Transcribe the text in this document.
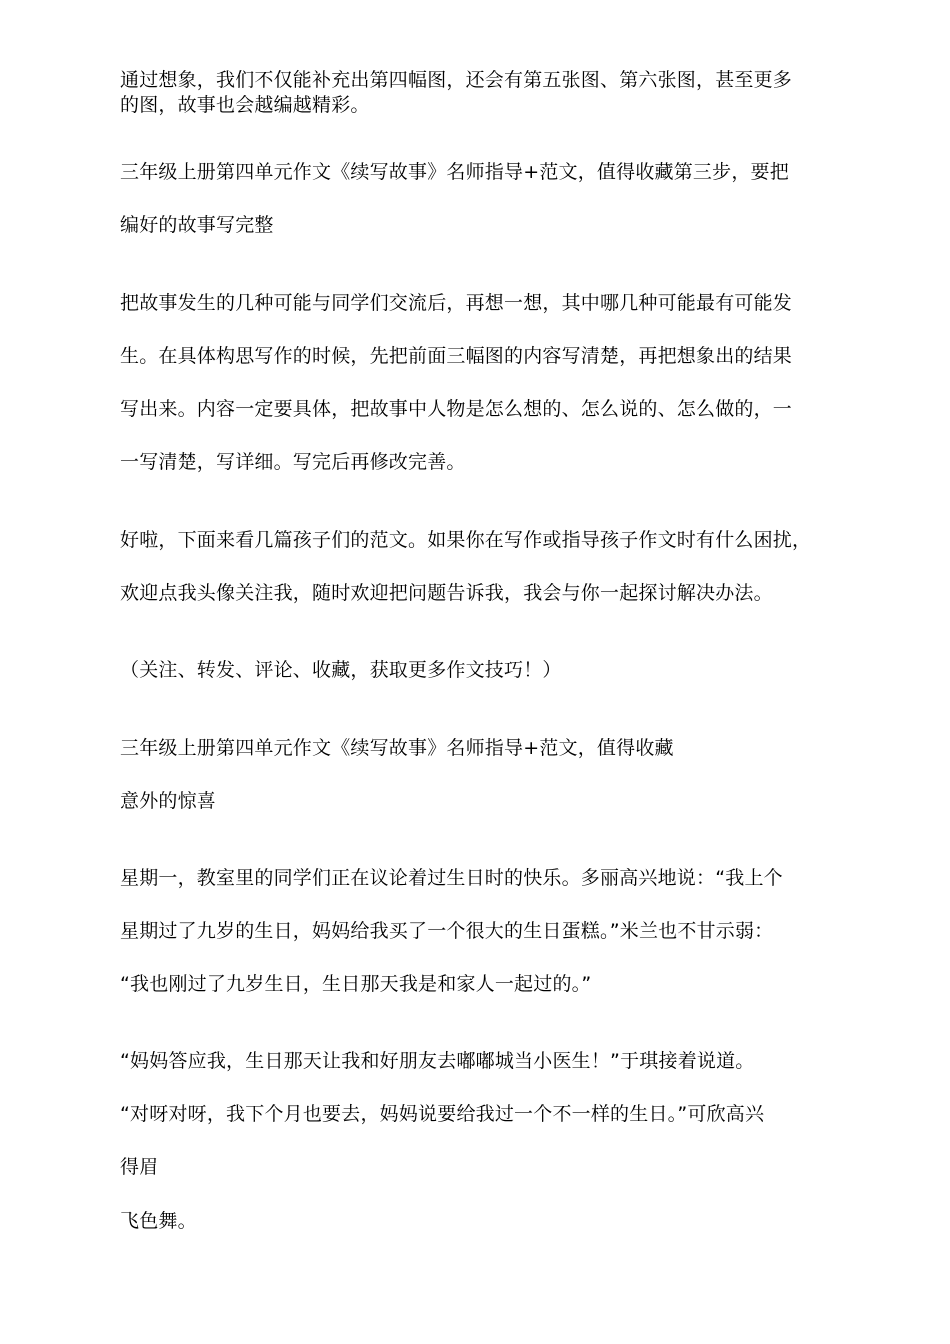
通过想象，我们不仅能补充出第四幅图，还会有第五张图、第六张图，甚至更多
的图，故事也会越编越精彩。
三年级上册第四单元作文《续写故事》名师指导+范文，值得收藏第三步，要把
编好的故事写完整
把故事发生的几种可能与同学们交流后，再想一想，其中哪几种可能最有可能发
生。在具体构思写作的时候，先把前面三幅图的内容写清楚，再把想象出的结果
写出来。内容一定要具体，把故事中人物是怎么想的、怎么说的、怎么做的，一
一写清楚，写详细。写完后再修改完善。
好啦，下面来看几篇孩子们的范文。如果你在写作或指导孩子作文时有什么困扰，
欢迎点我头像关注我，随时欢迎把问题告诉我，我会与你一起探讨解决办法。
（关注、转发、评论、收藏，获取更多作文技巧！）
三年级上册第四单元作文《续写故事》名师指导+范文，值得收藏
意外的惊喜
星期一，教室里的同学们正在议论着过生日时的快乐。多丽高兴地说：“我上个
星期过了九岁的生日，妈妈给我买了一个很大的生日蛋糕。”米兰也不甘示弱：
“我也刚过了九岁生日，生日那天我是和家人一起过的。”
“妈妈答应我，生日那天让我和好朋友去嘟嘟城当小医生！”于琪接着说道。
“对呀对呀，我下个月也要去，妈妈说要给我过一个不一样的生日。”可欣高兴
得眉
飞色舞。
